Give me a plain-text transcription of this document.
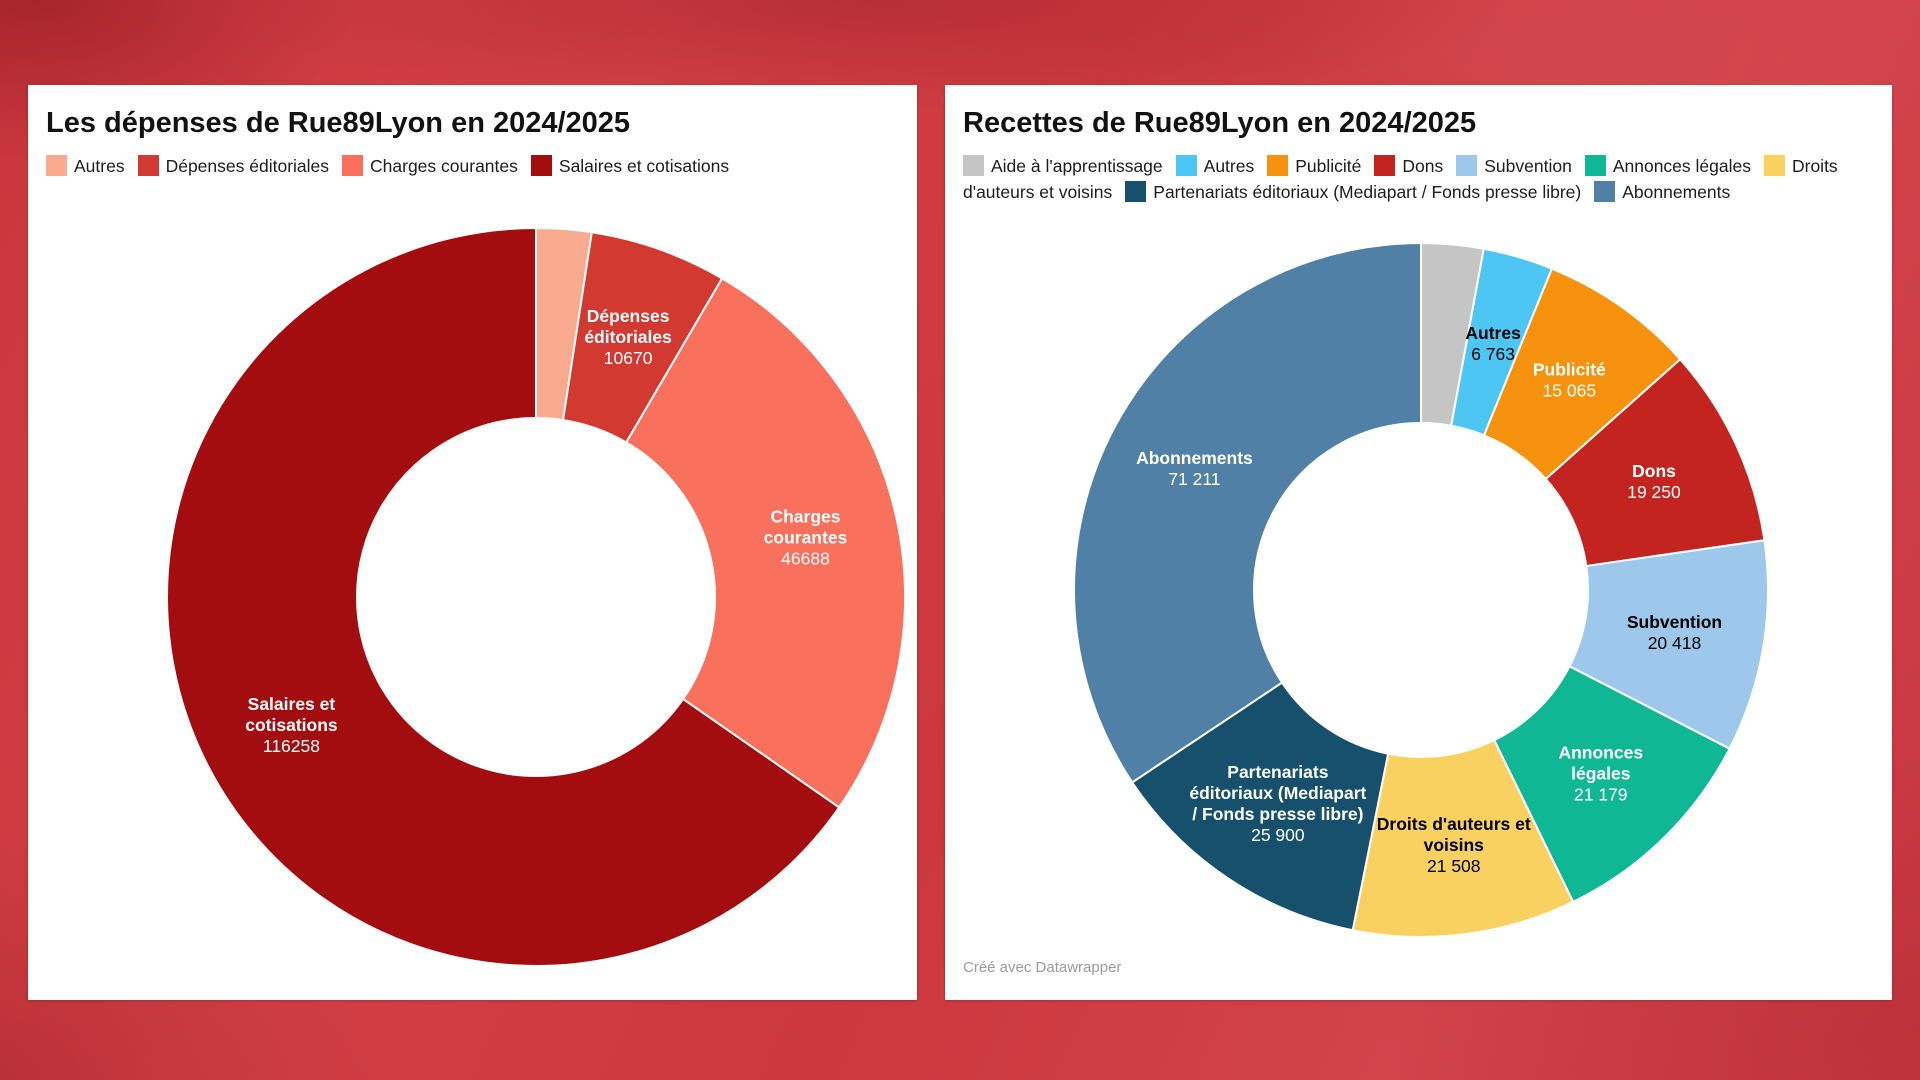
Les dépenses de Rue89Lyon en 2024/2025
Autres Dépenses éditoriales Charges courantes Salaires et cotisations
Dépenses éditoriales 10670
Charges courantes 46688
Salaires et cotisations 116258
Recettes de Rue89Lyon en 2024/2025
Aide à l'apprentissage Autres Publicité Dons Subvention Annonces légales Droits d'auteurs et voisins Partenariats éditoriaux (Mediapart / Fonds presse libre) Abonnements
Autres 6 763
Publicité 15 065
Dons 19 250
Subvention 20 418
Annonces légales 21 179
Droits d'auteurs et voisins 21 508
Partenariats éditoriaux (Mediapart / Fonds presse libre) 25 900
Abonnements 71 211
Créé avec Datawrapper
